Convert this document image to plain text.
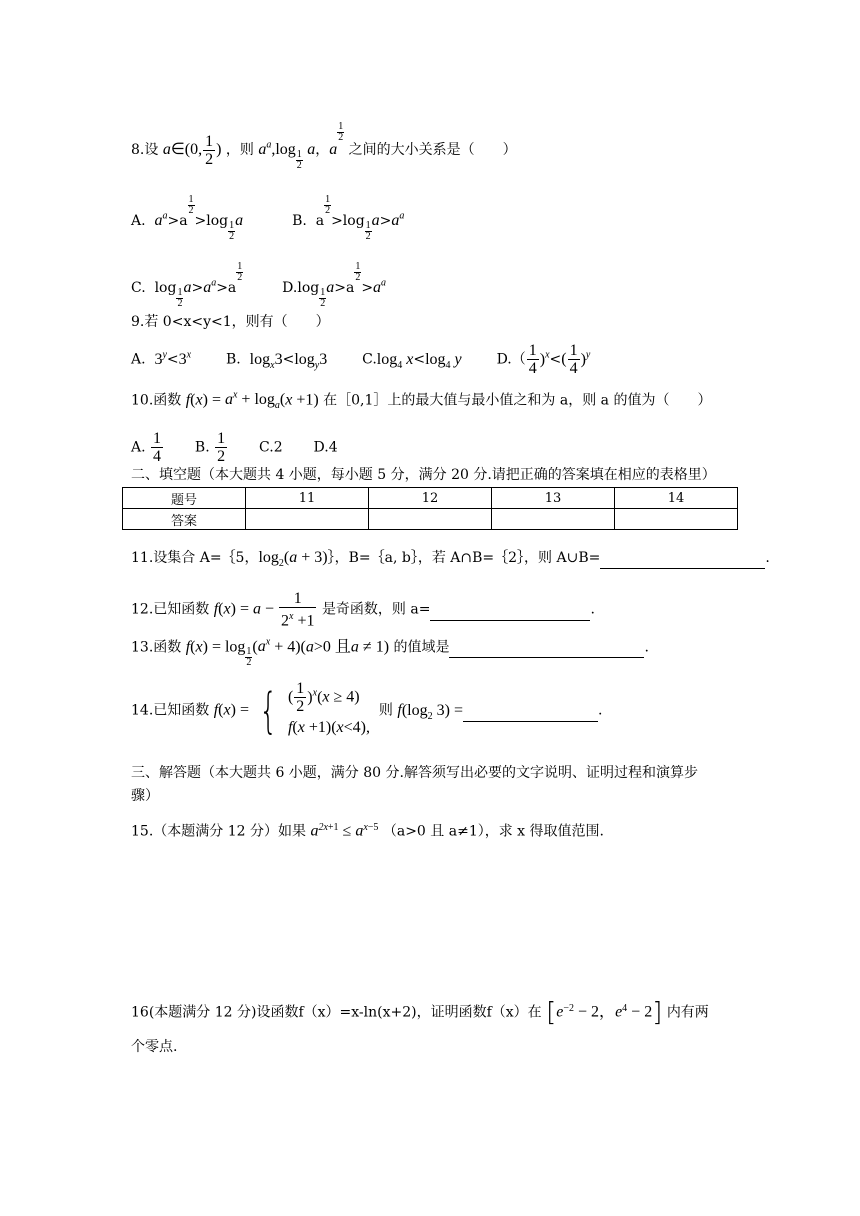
8.设 a∈(0, $\frac{1}{2}$ ) ，则 $a^a,\log$
$\frac{1}{2}$
a，a
$\frac{1}{2}$
之间的大小关系是（　　）
A. $a^a>a$
$\frac{1}{2}$
$>\log \frac{1}{2}$
a	B.  a
$\frac{1}{2}$
$>\log \frac{1}{2}$
$a>a^a$
C.  $\log \frac{1}{2}$
$a>a^a>a$
$\frac{1}{2}$
$D.\log \frac{1}{2}$
a>a
$\frac{1}{2}$
$>a^a$
9.若 0<x<y<1，则有（　　）
A. $3^y<3^x$ B. $\log_x3<\log_y3$ $C.\log_4$ $x<\log_4$ y $D.( \frac{1}{4} )^x<( \frac{1}{4} )^y$
10.函数 $f(x) = a^x + \log_a(x +1)$ 在［0,1］上的最大值与最小值之和为 a，则 a 的值为（　　）
A. $\frac{1}{4} B$. $\frac{1}{2} C.2$ D.4
二、填空题（本大题共 4 小题，每小题 5 分，满分 20 分.请把正确的答案填在相应的表格里）
题号	11	12	13	14
答案				
11.设集合 A=｛5，$\log_2(a$ + 3)｝，B=｛a, b｝，若 A∩B=｛2｝，则 A∪B=	.
12.已知函数 $f(x) = a - \frac{1}{2^x +1}$ 是奇函数，则 a=	.
13.函数 f(x) = log
$\frac{1}{2}$
$(a^x + 4)(a>0$ 且a ≠ 1) 的值域是	.
14.已知函数 f(x) = { ( $\frac{1}{2} )^x(x \ge 4)$
f(x +1)(x<4),
则 $f(\log_2$ 3) =	.
三、解答题（本大题共 6 小题，满分 80 分.解答须写出必要的文字说明、证明过程和演算步
骤）
15.（本题满分 12 分）如果 $a^{2x+1} \le a^{x-5}$ （a>0 且 a≠1），求 x 得取值范围.
16(本题满分 12 分)设函数f（x）=x-ln(x+2)，证明函数f（x）在 [$e^{-2} - 2$，$e^4 - 2$] 内有两
个零点.
